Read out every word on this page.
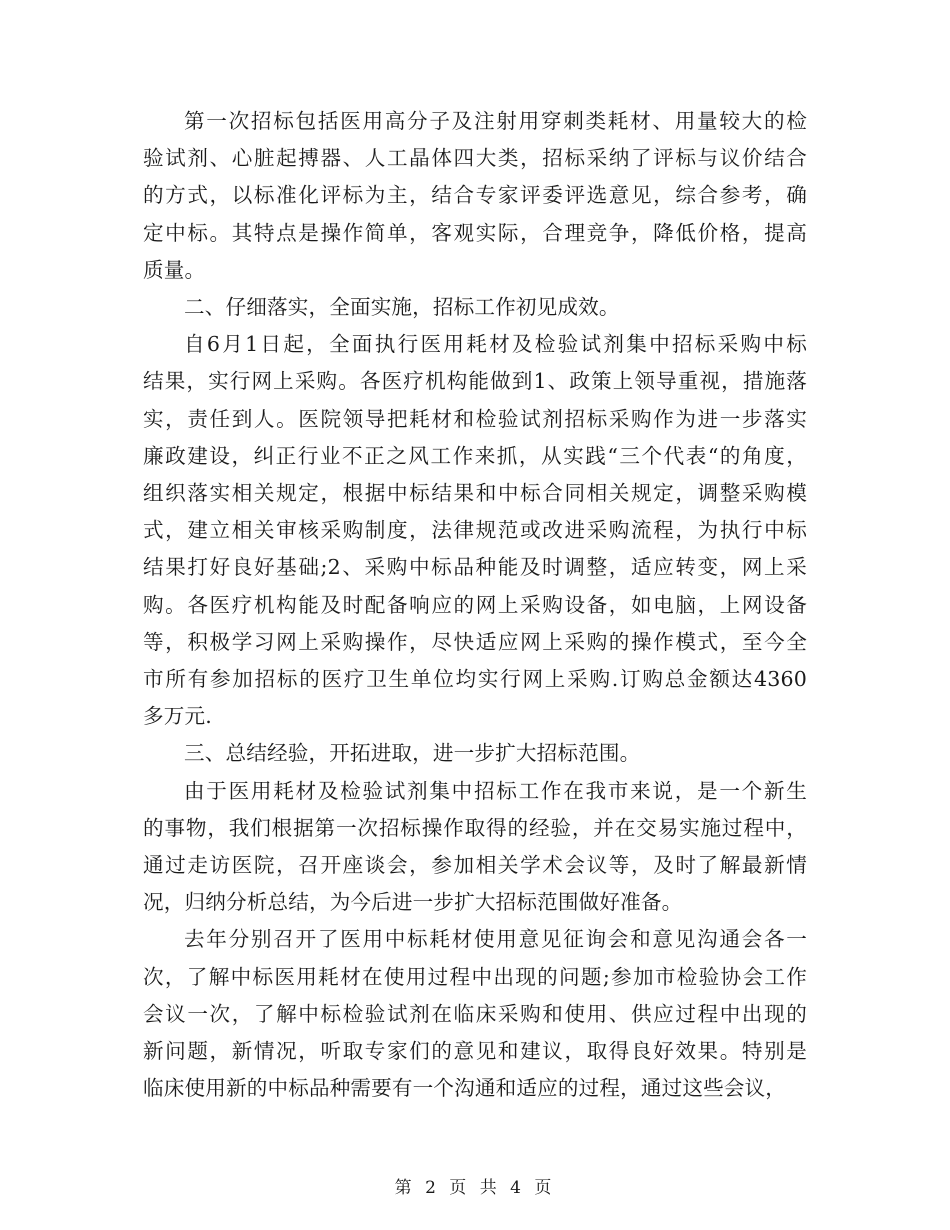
第一次招标包括医用高分子及注射用穿刺类耗材、用量较大的检
验试剂、心脏起搏器、人工晶体四大类，招标采纳了评标与议价结合
的方式，以标准化评标为主，结合专家评委评选意见，综合参考，确
定中标。其特点是操作简单，客观实际，合理竞争，降低价格，提高
质量。
二、仔细落实，全面实施，招标工作初见成效。
自6月1日起，全面执行医用耗材及检验试剂集中招标采购中标
结果，实行网上采购。各医疗机构能做到1、政策上领导重视，措施落
实，责任到人。医院领导把耗材和检验试剂招标采购作为进一步落实
廉政建设，纠正行业不正之风工作来抓，从实践“三个代表“的角度，
组织落实相关规定，根据中标结果和中标合同相关规定，调整采购模
式，建立相关审核采购制度，法律规范或改进采购流程，为执行中标
结果打好良好基础;2、采购中标品种能及时调整，适应转变，网上采
购。各医疗机构能及时配备响应的网上采购设备，如电脑，上网设备
等，积极学习网上采购操作，尽快适应网上采购的操作模式，至今全
市所有参加招标的医疗卫生单位均实行网上采购.订购总金额达4360
多万元.
三、总结经验，开拓进取，进一步扩大招标范围。
由于医用耗材及检验试剂集中招标工作在我市来说，是一个新生
的事物，我们根据第一次招标操作取得的经验，并在交易实施过程中，
通过走访医院，召开座谈会，参加相关学术会议等，及时了解最新情
况，归纳分析总结，为今后进一步扩大招标范围做好准备。
去年分别召开了医用中标耗材使用意见征询会和意见沟通会各一
次，了解中标医用耗材在使用过程中出现的问题;参加市检验协会工作
会议一次，了解中标检验试剂在临床采购和使用、供应过程中出现的
新问题，新情况，听取专家们的意见和建议，取得良好效果。特别是
临床使用新的中标品种需要有一个沟通和适应的过程，通过这些会议，
第 2 页 共 4 页
